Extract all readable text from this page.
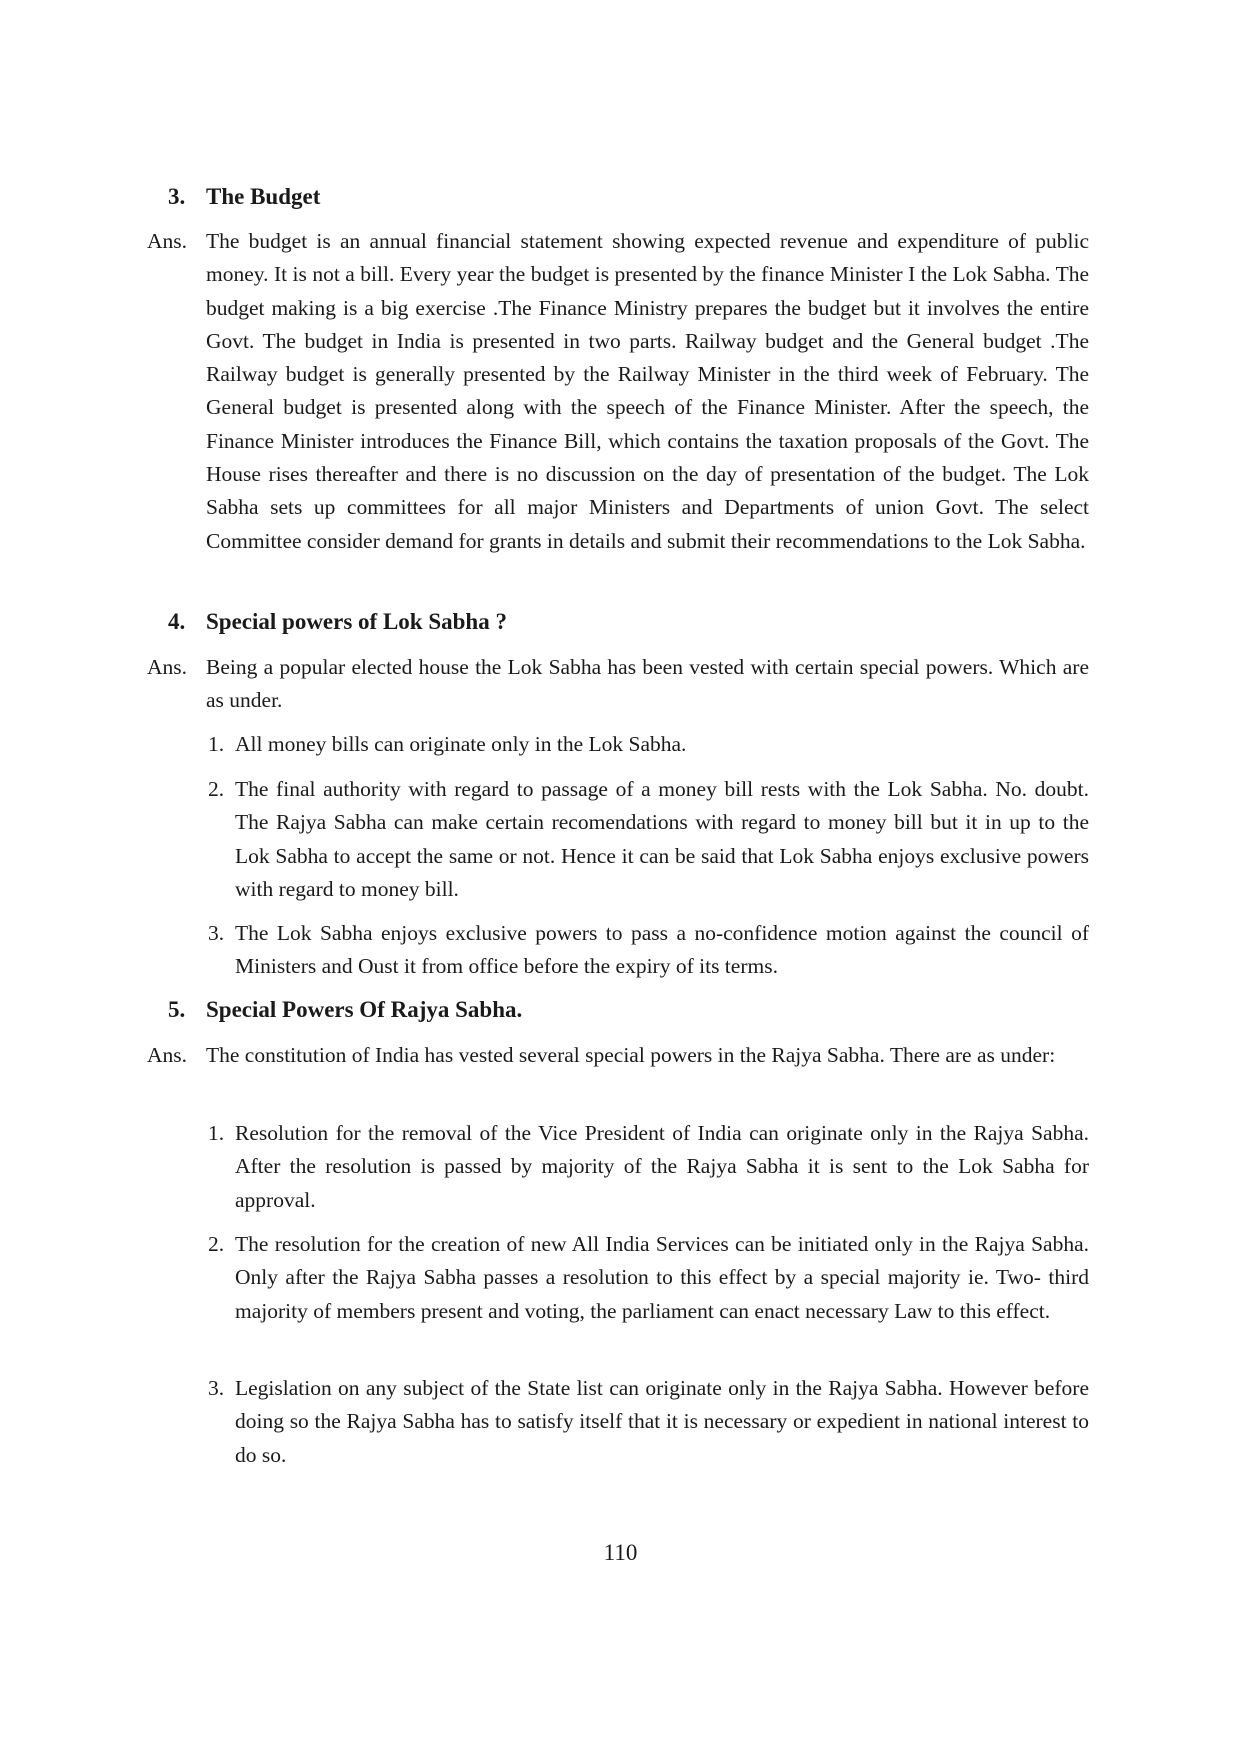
3. The Budget
Ans. The budget is an annual financial statement showing expected revenue and expenditure of public money. It is not a bill. Every year the budget is presented by the finance Minister I the Lok Sabha. The budget making is a big exercise .The Finance Ministry prepares the budget but it involves the entire Govt. The budget in India is presented in two parts. Railway budget and the General budget .The Railway budget is generally presented by the Railway Minister in the third week of February. The General budget is presented along with the speech of the Finance Minister. After the speech, the Finance Minister introduces the Finance Bill, which contains the taxation proposals of the Govt. The House rises thereafter and there is no discussion on the day of presentation of the budget. The Lok Sabha sets up committees for all major Ministers and Departments of union Govt. The select Committee consider demand for grants in details and submit their recommendations to the Lok Sabha.
4. Special powers of Lok Sabha ?
Ans. Being a popular elected house the Lok Sabha has been vested with certain special powers. Which are as under.
1. All money bills can originate only in the Lok Sabha.
2. The final authority with regard to passage of a money bill rests with the Lok Sabha. No. doubt. The Rajya Sabha can make certain recomendations with regard to money bill but it in up to the Lok Sabha to accept the same or not. Hence it can be said that Lok Sabha enjoys exclusive powers with regard to money bill.
3. The Lok Sabha enjoys exclusive powers to pass a no-confidence motion against the council of Ministers and Oust it from office before the expiry of its terms.
5. Special Powers Of Rajya Sabha.
Ans. The constitution of India has vested several special powers in the Rajya Sabha. There are as under:
1. Resolution for the removal of the Vice President of India can originate only in the Rajya Sabha. After the resolution is passed by majority of the Rajya Sabha it is sent to the Lok Sabha for approval.
2. The resolution for the creation of new All India Services can be initiated only in the Rajya Sabha. Only after the Rajya Sabha passes a resolution to this effect by a special majority ie. Two- third majority of members present and voting, the parliament can enact necessary Law to this effect.
3. Legislation on any subject of the State list can originate only in the Rajya Sabha. However before doing so the Rajya Sabha has to satisfy itself that it is necessary or expedient in national interest to do so.
110
